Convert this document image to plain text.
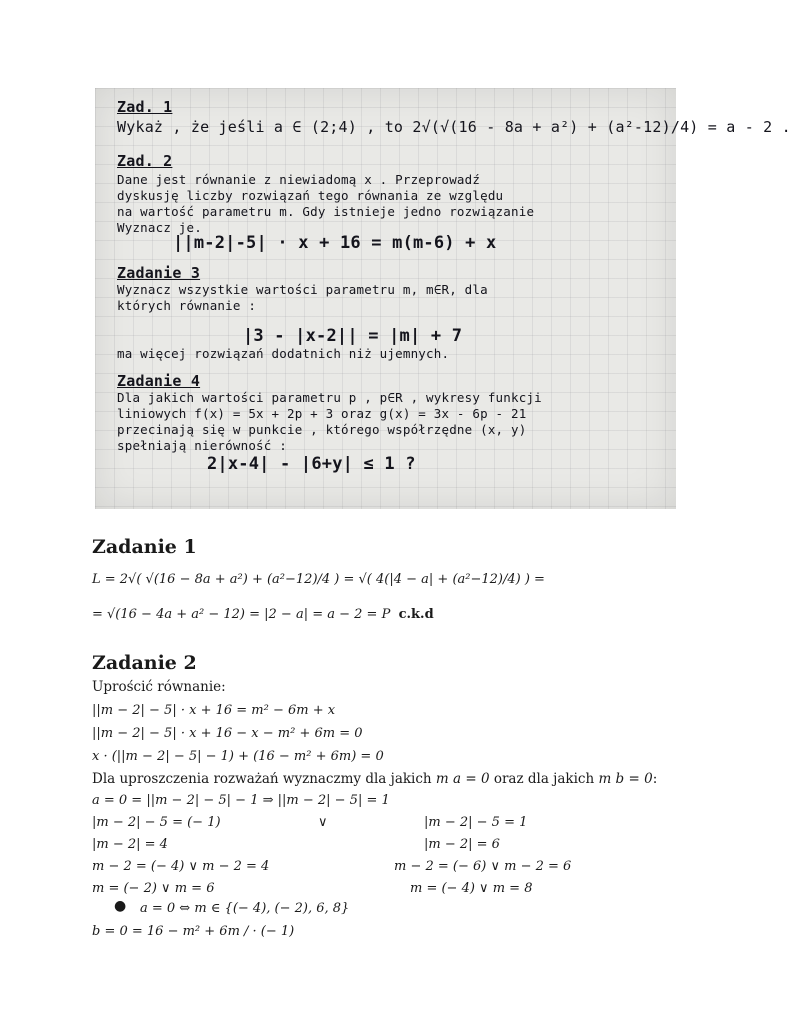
Zad. 1
Wykaż , że jeśli a ∈ (2;4) , to 2√(√(16 - 8a + a²) + (a²-12)/4) = a - 2 .
Zad. 2
Dane jest równanie z niewiadomą x . Przeprowadź
dyskusję liczby rozwiązań tego równania ze względu
na wartość parametru m. Gdy istnieje jedno rozwiązanie
Wyznacz je.
||m-2|-5| · x + 16 = m(m-6) + x
Zadanie 3
Wyznacz wszystkie wartości parametru m, m∈R, dla
których równanie :
|3 - |x-2|| = |m| + 7
ma więcej rozwiązań dodatnich niż ujemnych.
Zadanie 4
Dla jakich wartości parametru p , p∈R , wykresy funkcji
liniowych f(x) = 5x + 2p + 3 oraz g(x) = 3x - 6p - 21
przecinają się w punkcie , którego współrzędne (x, y)
spełniają nierówność :
2|x-4| - |6+y| ≤ 1 ?
Zadanie 1
L = 2√( √(16 − 8a + a²) + (a²−12)/4 ) = √( 4(|4 − a| + (a²−12)/4) ) =
= √(16 − 4a + a² − 12) = |2 − a| = a − 2 = P c.k.d
Zadanie 2
Uprościć równanie:
||m − 2| − 5| · x + 16 = m² − 6m + x
||m − 2| − 5| · x + 16 − x − m² + 6m = 0
x · (||m − 2| − 5| − 1) + (16 − m² + 6m) = 0
Dla uproszczenia rozważań wyznaczmy dla jakich m a = 0 oraz dla jakich m b = 0:
a = 0 = ||m − 2| − 5| − 1 ⇒ ||m − 2| − 5| = 1
|m − 2| − 5 = (− 1)	∨	|m − 2| − 5 = 1
|m − 2| = 4	|m − 2| = 6
m − 2 = (− 4) ∨ m − 2 = 4	m − 2 = (− 6) ∨ m − 2 = 6
m = (− 2) ∨ m = 6	m = (− 4) ∨ m = 8
● a = 0 ⇔ m ∈ {(− 4), (− 2), 6, 8}
b = 0 = 16 − m² + 6m / · (− 1)
